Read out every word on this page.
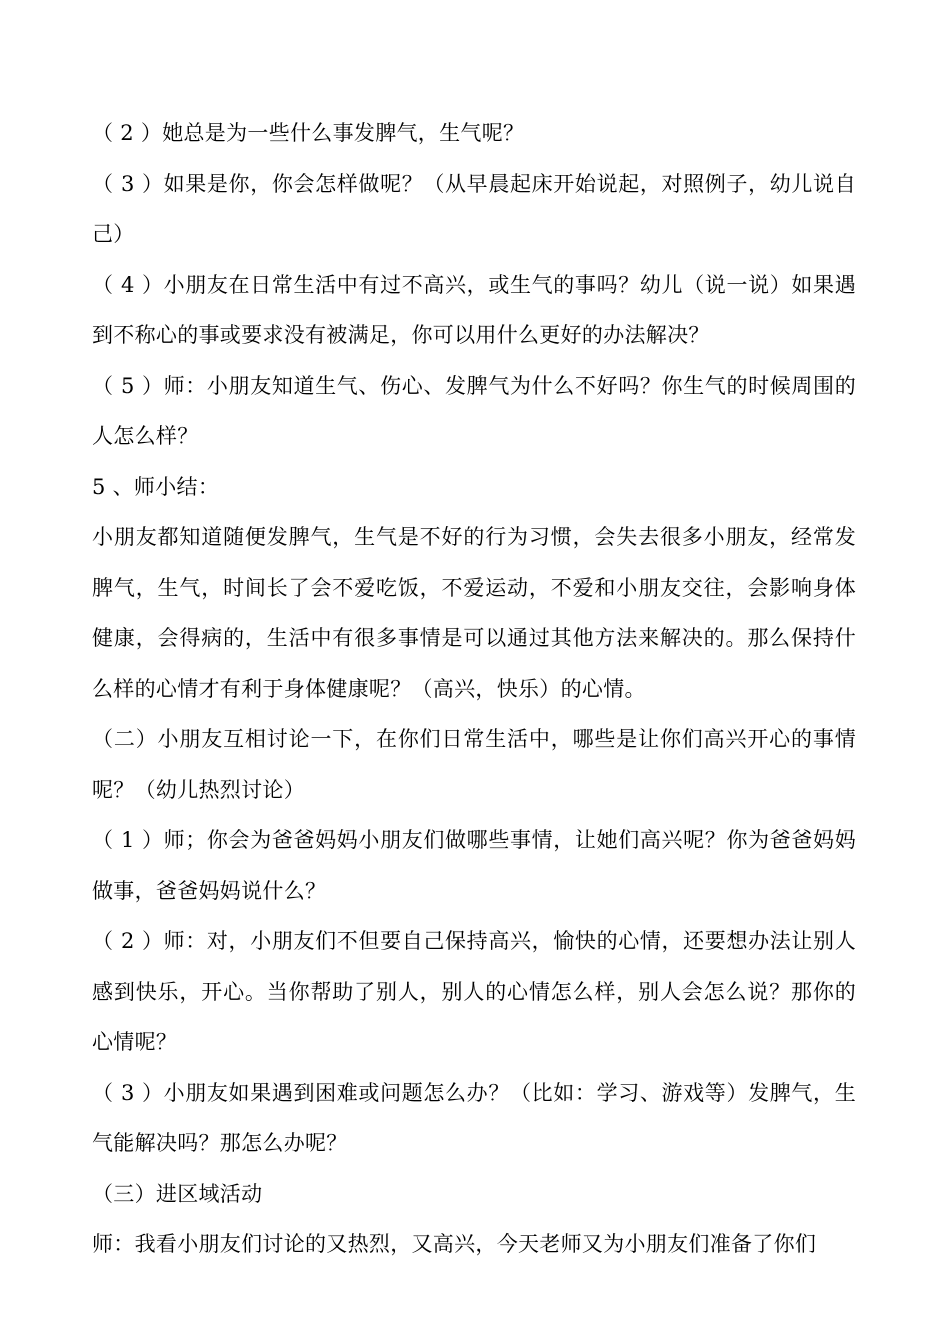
（ 2 ）她总是为一些什么事发脾气，生气呢？

（ 3 ）如果是你，你会怎样做呢？（从早晨起床开始说起，对照例子，幼儿说自己）

（ 4 ）小朋友在日常生活中有过不高兴，或生气的事吗？幼儿（说一说）如果遇到不称心的事或要求没有被满足，你可以用什么更好的办法解决？

（ 5 ）师：小朋友知道生气、伤心、发脾气为什么不好吗？你生气的时候周围的人怎么样？

5 、师小结：

小朋友都知道随便发脾气，生气是不好的行为习惯，会失去很多小朋友，经常发脾气，生气，时间长了会不爱吃饭，不爱运动，不爱和小朋友交往，会影响身体健康，会得病的，生活中有很多事情是可以通过其他方法来解决的。那么保持什么样的心情才有利于身体健康呢？（高兴，快乐）的心情。

（二）小朋友互相讨论一下，在你们日常生活中，哪些是让你们高兴开心的事情呢？（幼儿热烈讨论）

（ 1 ）师；你会为爸爸妈妈小朋友们做哪些事情，让她们高兴呢？你为爸爸妈妈做事，爸爸妈妈说什么？

（ 2 ）师：对，小朋友们不但要自己保持高兴，愉快的心情，还要想办法让别人感到快乐，开心。当你帮助了别人，别人的心情怎么样，别人会怎么说？那你的心情呢？

（ 3 ）小朋友如果遇到困难或问题怎么办？（比如：学习、游戏等）发脾气，生气能解决吗？那怎么办呢？

（三）进区域活动

师：我看小朋友们讨论的又热烈，又高兴，今天老师又为小朋友们准备了你们
